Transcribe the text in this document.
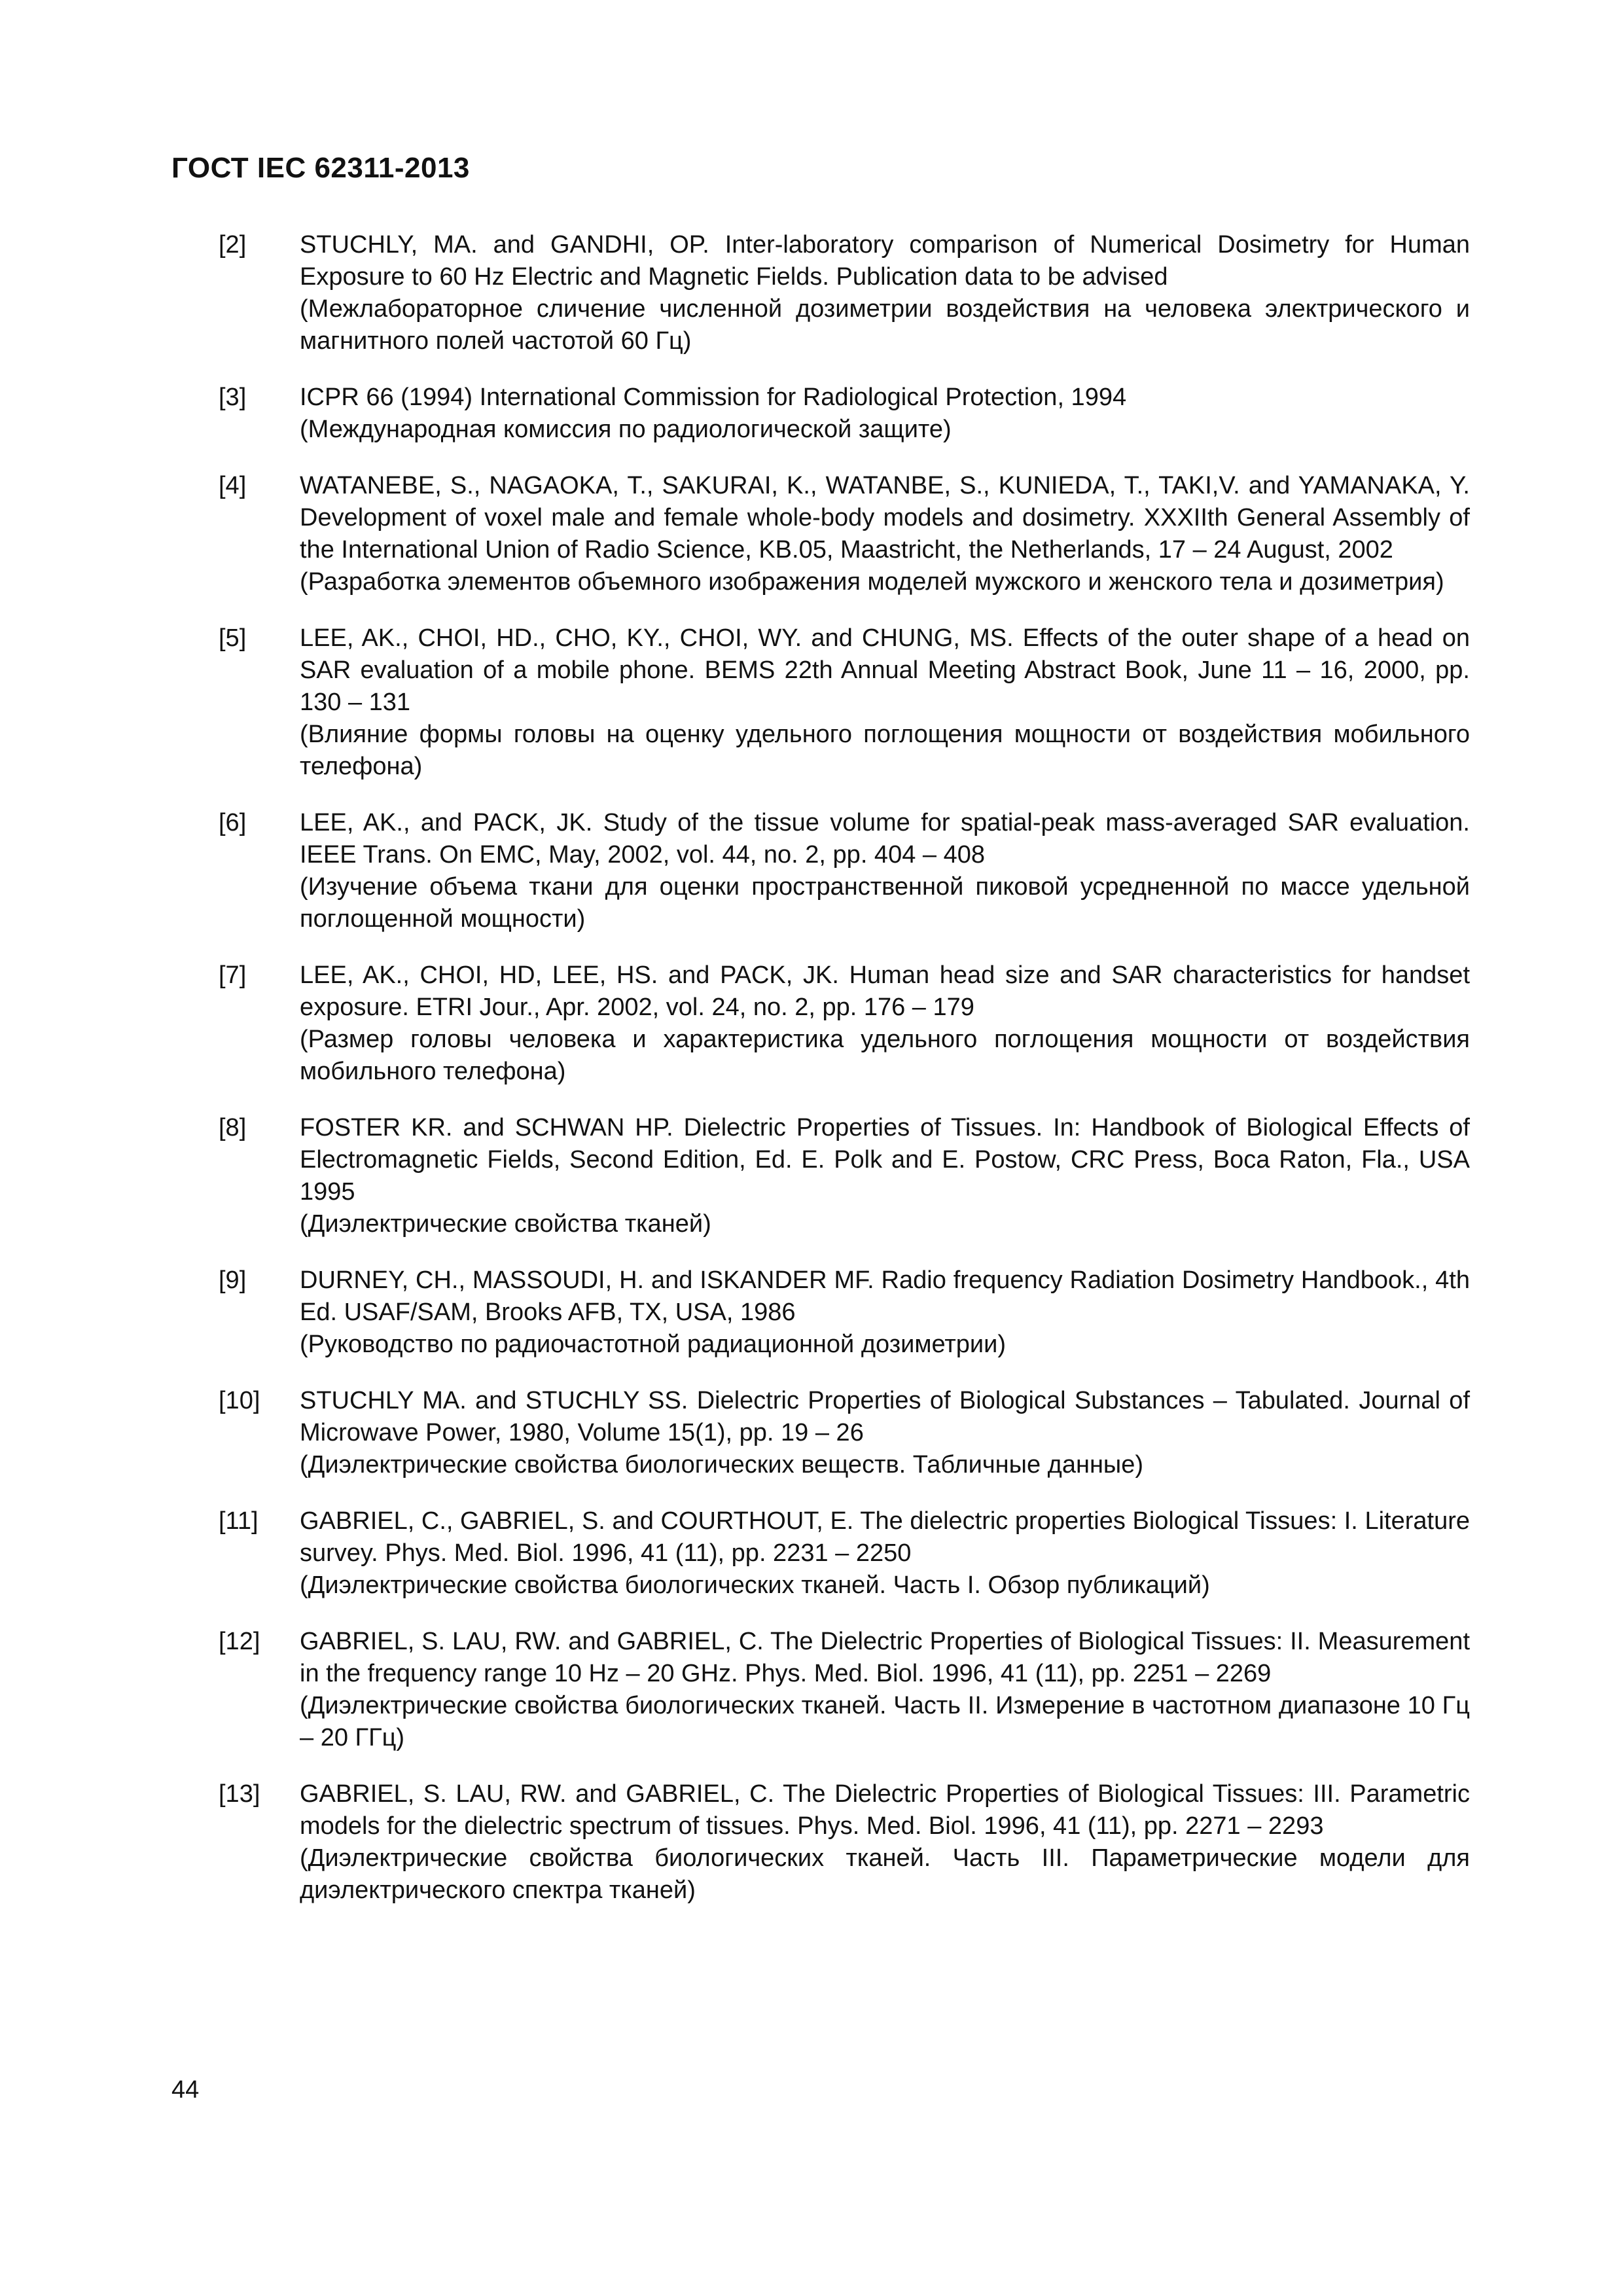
ГОСТ IEC 62311-2013
[2]	STUCHLY, MA. and GANDHI, OP. Inter-laboratory comparison of Numerical Dosimetry for Human Exposure to 60 Hz Electric and Magnetic Fields. Publication data to be advised

(Межлабораторное сличение численной дозиметрии воздействия на человека электрического и магнитного полей частотой 60 Гц)

[3]	ICPR 66 (1994) International Commission for Radiological Protection, 1994

(Международная комиссия по радиологической защите)

[4]	WATANEBE, S., NAGAOKA, T., SAKURAI, K., WATANBE, S., KUNIEDA, T., TAKI,V. and YAMANAKA, Y. Development of voxel male and female whole-body models and dosimetry. XXXIIth General Assembly of the International Union of Radio Science, KB.05, Maastricht, the Netherlands, 17 – 24 August, 2002

(Разработка элементов объемного изображения моделей мужского и женского тела и дозиметрия)

[5]	LEE, AK., CHOI, HD., CHO, KY., CHOI, WY. and CHUNG, MS. Effects of the outer shape of a head on SAR evaluation of a mobile phone. BEMS 22th Annual Meeting Abstract Book, June 11 – 16, 2000, pp. 130 – 131

(Влияние формы головы на оценку удельного поглощения мощности от воздействия мобильного телефона)

[6]	LEE, AK., and PACK, JK. Study of the tissue volume for spatial-peak mass-averaged SAR evaluation. IEEE Trans. On EMC, May, 2002, vol. 44, no. 2, pp. 404 – 408

(Изучение объема ткани для оценки пространственной пиковой усредненной по массе удельной поглощенной мощности)

[7]	LEE, AK., CHOI, HD, LEE, HS. and PACK, JK. Human head size and SAR characteristics for handset exposure. ETRI Jour., Apr. 2002, vol. 24, no. 2, pp. 176 – 179

(Размер головы человека и характеристика удельного поглощения мощности от воздействия мобильного телефона)

[8]	FOSTER KR. and SCHWAN HP. Dielectric Properties of Tissues. In: Handbook of Biological Effects of Electromagnetic Fields, Second Edition, Ed. E. Polk and E. Postow, CRC Press, Boca Raton, Fla., USA 1995

(Диэлектрические свойства тканей)

[9]	DURNEY, CH., MASSOUDI, H. and ISKANDER MF. Radio frequency Radiation Dosimetry Handbook., 4th Ed. USAF/SAM, Brooks AFB, TX, USA, 1986

(Руководство по радиочастотной радиационной дозиметрии)

[10]	STUCHLY MA. and STUCHLY SS. Dielectric Properties of Biological Substances – Tabulated. Journal of Microwave Power, 1980, Volume 15(1), pp. 19 – 26

(Диэлектрические свойства биологических веществ. Табличные данные)

[11]	GABRIEL, C., GABRIEL, S. and COURTHOUT, E. The dielectric properties Biological Tissues: I. Literature survey. Phys. Med. Biol. 1996, 41 (11), pp. 2231 – 2250

(Диэлектрические свойства биологических тканей. Часть I. Обзор публикаций)

[12]	GABRIEL, S. LAU, RW. and GABRIEL, C. The Dielectric Properties of Biological Tissues: II. Measurement in the frequency range 10 Hz – 20 GHz. Phys. Med. Biol. 1996, 41 (11), pp. 2251 – 2269

(Диэлектрические свойства биологических тканей. Часть II. Измерение в частотном диапазоне 10 Гц – 20 ГГц)

[13]	GABRIEL, S. LAU, RW. and GABRIEL, C. The Dielectric Properties of Biological Tissues: III. Parametric models for the dielectric spectrum of tissues. Phys. Med. Biol. 1996, 41 (11), pp. 2271 – 2293

(Диэлектрические свойства биологических тканей. Часть III. Параметрические модели для диэлектрического спектра тканей)

44
